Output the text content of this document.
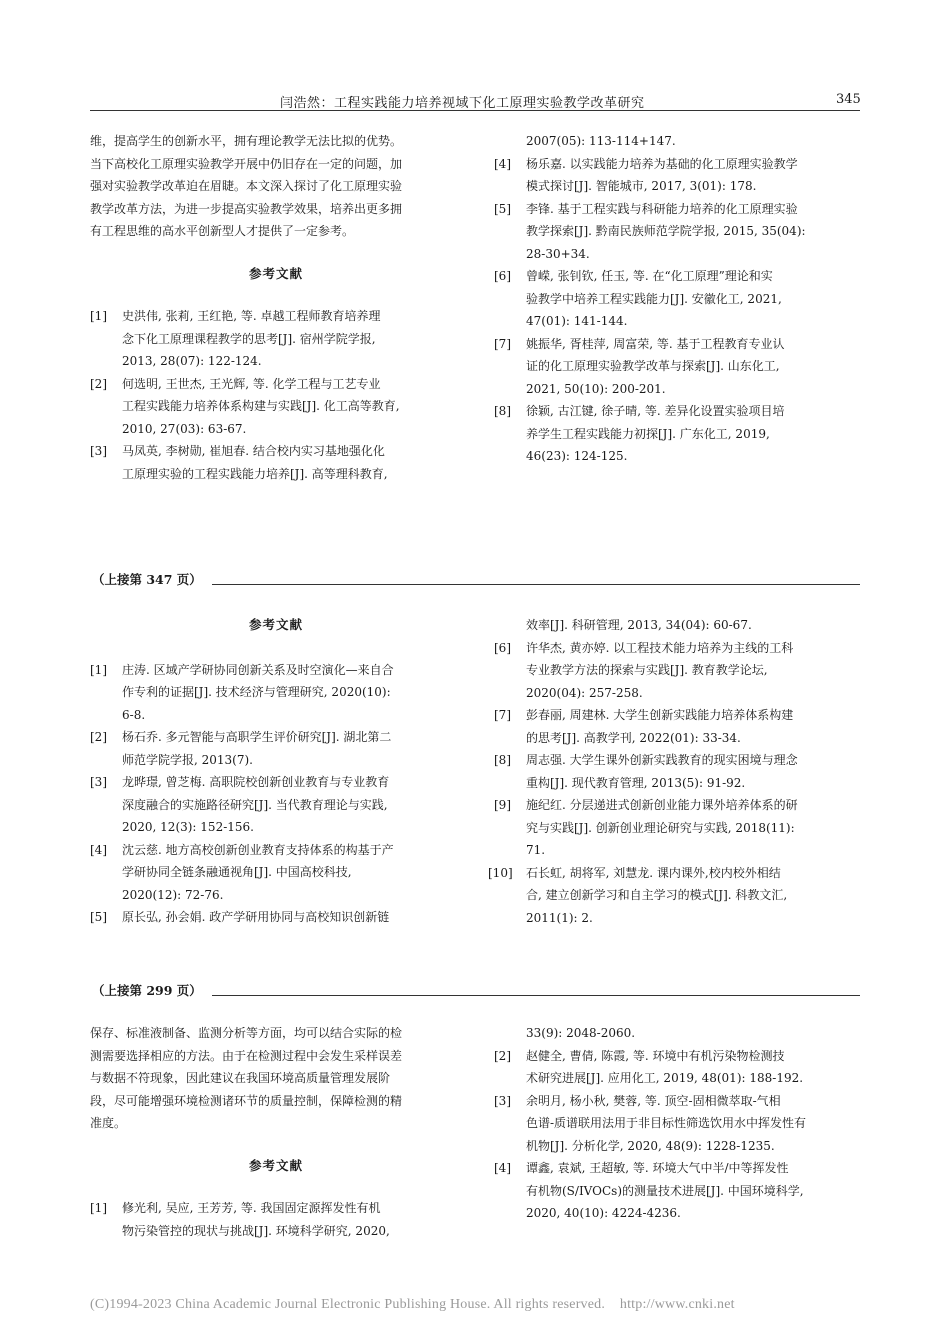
闫浩然：工程实践能力培养视域下化工原理实验教学改革研究	345

维，提高学生的创新水平，拥有理论教学无法比拟的优势。

当下高校化工原理实验教学开展中仍旧存在一定的问题，加

强对实验教学改革迫在眉睫。本文深入探讨了化工原理实验

教学改革方法，为进一步提高实验教学效果，培养出更多拥

有工程思维的高水平创新型人才提供了一定参考。

参考文献

[1] 史洪伟, 张莉, 王红艳, 等. 卓越工程师教育培养理
念下化工原理课程教学的思考[J]. 宿州学院学报,
2013, 28(07): 122-124.
[2] 何选明, 王世杰, 王光辉, 等. 化学工程与工艺专业
工程实践能力培养体系构建与实践[J]. 化工高等教育,
2010, 27(03): 63-67.
[3] 马凤英, 李树勋, 崔旭春. 结合校内实习基地强化化
工原理实验的工程实践能力培养[J]. 高等理科教育,

2007(05): 113-114+147.

[4] 杨乐嘉. 以实践能力培养为基础的化工原理实验教学
模式探讨[J]. 智能城市, 2017, 3(01): 178.
[5] 李锋. 基于工程实践与科研能力培养的化工原理实验
教学探索[J]. 黔南民族师范学院学报, 2015, 35(04):
28-30+34.
[6] 曾嵘, 张钊钦, 任玉, 等. 在“化工原理”理论和实
验教学中培养工程实践能力[J]. 安徽化工, 2021,
47(01): 141-144.
[7] 姚振华, 胥桂萍, 周富荣, 等. 基于工程教育专业认
证的化工原理实验教学改革与探索[J]. 山东化工,
2021, 50(10): 200-201.
[8] 徐颖, 古江键, 徐子晴, 等. 差异化设置实验项目培
养学生工程实践能力初探[J]. 广东化工, 2019,
46(23): 124-125.
（上接第 347 页）

参考文献

[1] 庄涛. 区域产学研协同创新关系及时空演化—来自合
作专利的证据[J]. 技术经济与管理研究, 2020(10):
6-8.
[2] 杨石乔. 多元智能与高职学生评价研究[J]. 湖北第二
师范学院学报, 2013(7).
[3] 龙晔璟, 曾芝梅. 高职院校创新创业教育与专业教育
深度融合的实施路径研究[J]. 当代教育理论与实践,
2020, 12(3): 152-156.
[4] 沈云慈. 地方高校创新创业教育支持体系的构基于产
学研协同全链条融通视角[J]. 中国高校科技,
2020(12): 72-76.
[5] 原长弘, 孙会娟. 政产学研用协同与高校知识创新链

效率[J]. 科研管理, 2013, 34(04): 60-67.

[6] 许华杰, 黄亦婷. 以工程技术能力培养为主线的工科
专业教学方法的探索与实践[J]. 教育教学论坛,
2020(04): 257-258.
[7] 彭春丽, 周建林. 大学生创新实践能力培养体系构建
的思考[J]. 高教学刊, 2022(01): 33-34.
[8] 周志强. 大学生课外创新实践教育的现实困境与理念
重构[J]. 现代教育管理, 2013(5): 91-92.
[9] 施纪红. 分层递进式创新创业能力课外培养体系的研
究与实践[J]. 创新创业理论研究与实践, 2018(11):
71.
[10] 石长虹, 胡将军, 刘慧龙. 课内课外,校内校外相结
合, 建立创新学习和自主学习的模式[J]. 科教文汇,
2011(1): 2.
（上接第 299 页）

保存、标准液制备、监测分析等方面，均可以结合实际的检

测需要选择相应的方法。由于在检测过程中会发生采样误差

与数据不符现象，因此建议在我国环境高质量管理发展阶

段，尽可能增强环境检测诸环节的质量控制，保障检测的精

准度。

参考文献

[1] 修光利, 吴应, 王芳芳, 等. 我国固定源挥发性有机
物污染管控的现状与挑战[J]. 环境科学研究, 2020,

33(9): 2048-2060.

[2] 赵健全, 曹倩, 陈霞, 等. 环境中有机污染物检测技
术研究进展[J]. 应用化工, 2019, 48(01): 188-192.
[3] 余明月, 杨小秋, 樊蓉, 等. 顶空-固相微萃取-气相
色谱-质谱联用法用于非目标性筛选饮用水中挥发性有
机物[J]. 分析化学, 2020, 48(9): 1228-1235.
[4] 谭鑫, 袁斌, 王超敏, 等. 环境大气中半/中等挥发性
有机物(S/IVOCs)的测量技术进展[J]. 中国环境科学,
2020, 40(10): 4224-4236.
(C)1994-2023 China Academic Journal Electronic Publishing House. All rights reserved.    http://www.cnki.net
